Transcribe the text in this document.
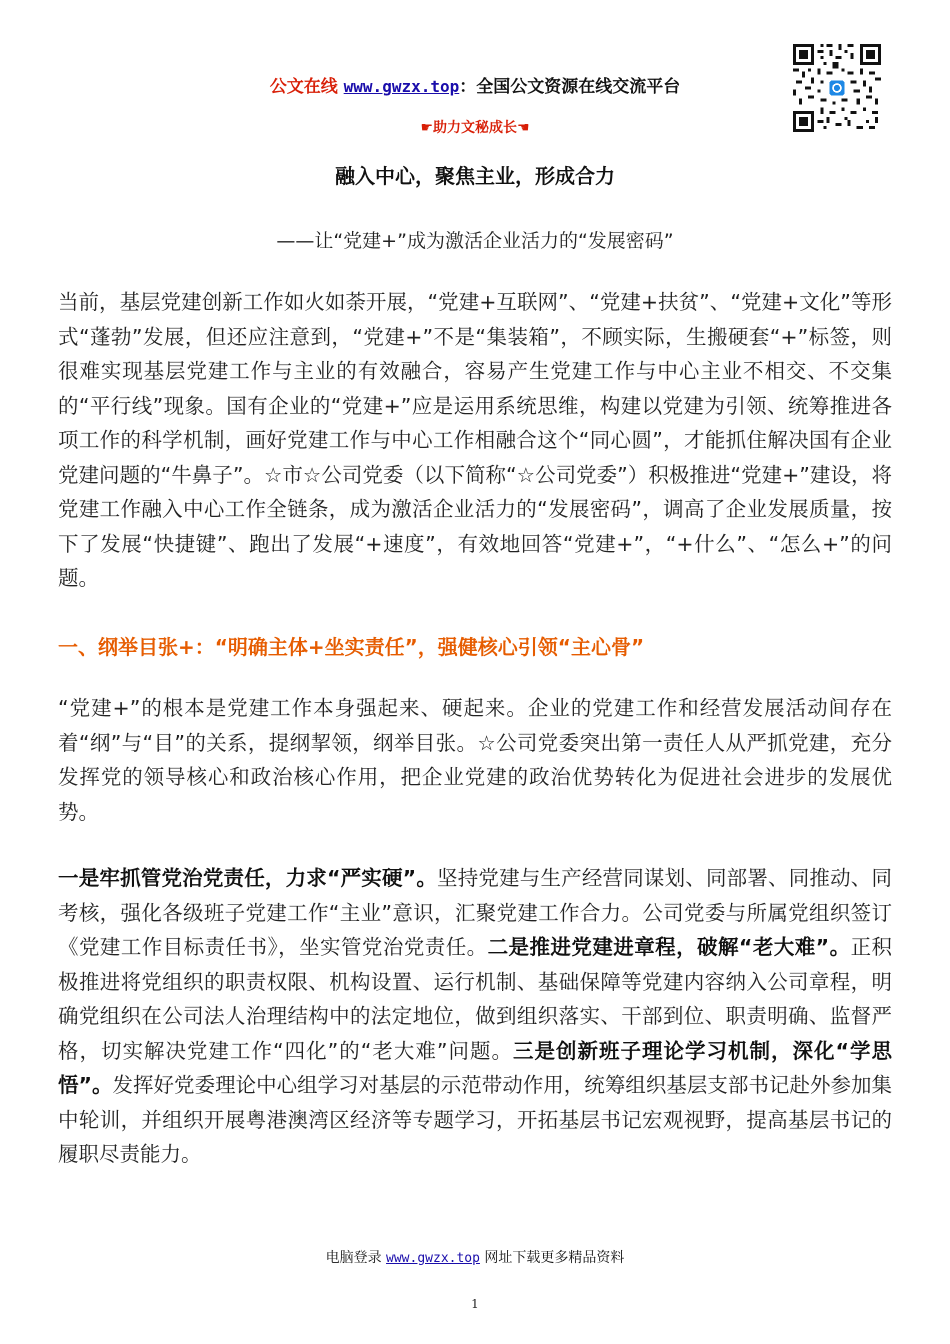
公文在线 www.gwzx.top：全国公文资源在线交流平台
☛助力文秘成长☚
融入中心，聚焦主业，形成合力
——让“党建+”成为激活企业活力的“发展密码”
当前，基层党建创新工作如火如荼开展，“党建+互联网”、“党建+扶贫”、“党建+文化”等形式“蓬勃”发展，但还应注意到，“党建+”不是“集装箱”，不顾实际，生搬硬套“+”标签，则很难实现基层党建工作与主业的有效融合，容易产生党建工作与中心主业不相交、不交集的“平行线”现象。国有企业的“党建+”应是运用系统思维，构建以党建为引领、统筹推进各项工作的科学机制，画好党建工作与中心工作相融合这个“同心圆”，才能抓住解决国有企业党建问题的“牛鼻子”。☆市☆公司党委（以下简称“☆公司党委”）积极推进“党建+”建设，将党建工作融入中心工作全链条，成为激活企业活力的“发展密码”，调高了企业发展质量，按下了发展“快捷键”、跑出了发展“+速度”，有效地回答“党建+”，“+什么”、“怎么+”的问题。
一、纲举目张+：“明确主体+坐实责任”，强健核心引领“主心骨”
“党建+”的根本是党建工作本身强起来、硬起来。企业的党建工作和经营发展活动间存在着“纲”与“目”的关系，提纲挈领，纲举目张。☆公司党委突出第一责任人从严抓党建，充分发挥党的领导核心和政治核心作用，把企业党建的政治优势转化为促进社会进步的发展优势。
一是牢抓管党治党责任，力求“严实硬”。坚持党建与生产经营同谋划、同部署、同推动、同考核，强化各级班子党建工作“主业”意识，汇聚党建工作合力。公司党委与所属党组织签订《党建工作目标责任书》，坐实管党治党责任。二是推进党建进章程，破解“老大难”。正积极推进将党组织的职责权限、机构设置、运行机制、基础保障等党建内容纳入公司章程，明确党组织在公司法人治理结构中的法定地位，做到组织落实、干部到位、职责明确、监督严格，切实解决党建工作“四化”的“老大难”问题。三是创新班子理论学习机制，深化“学思悟”。发挥好党委理论中心组学习对基层的示范带动作用，统筹组织基层支部书记赴外参加集中轮训，并组织开展粤港澳湾区经济等专题学习，开拓基层书记宏观视野，提高基层书记的履职尽责能力。
电脑登录 www.gwzx.top 网址下载更多精品资料
1
